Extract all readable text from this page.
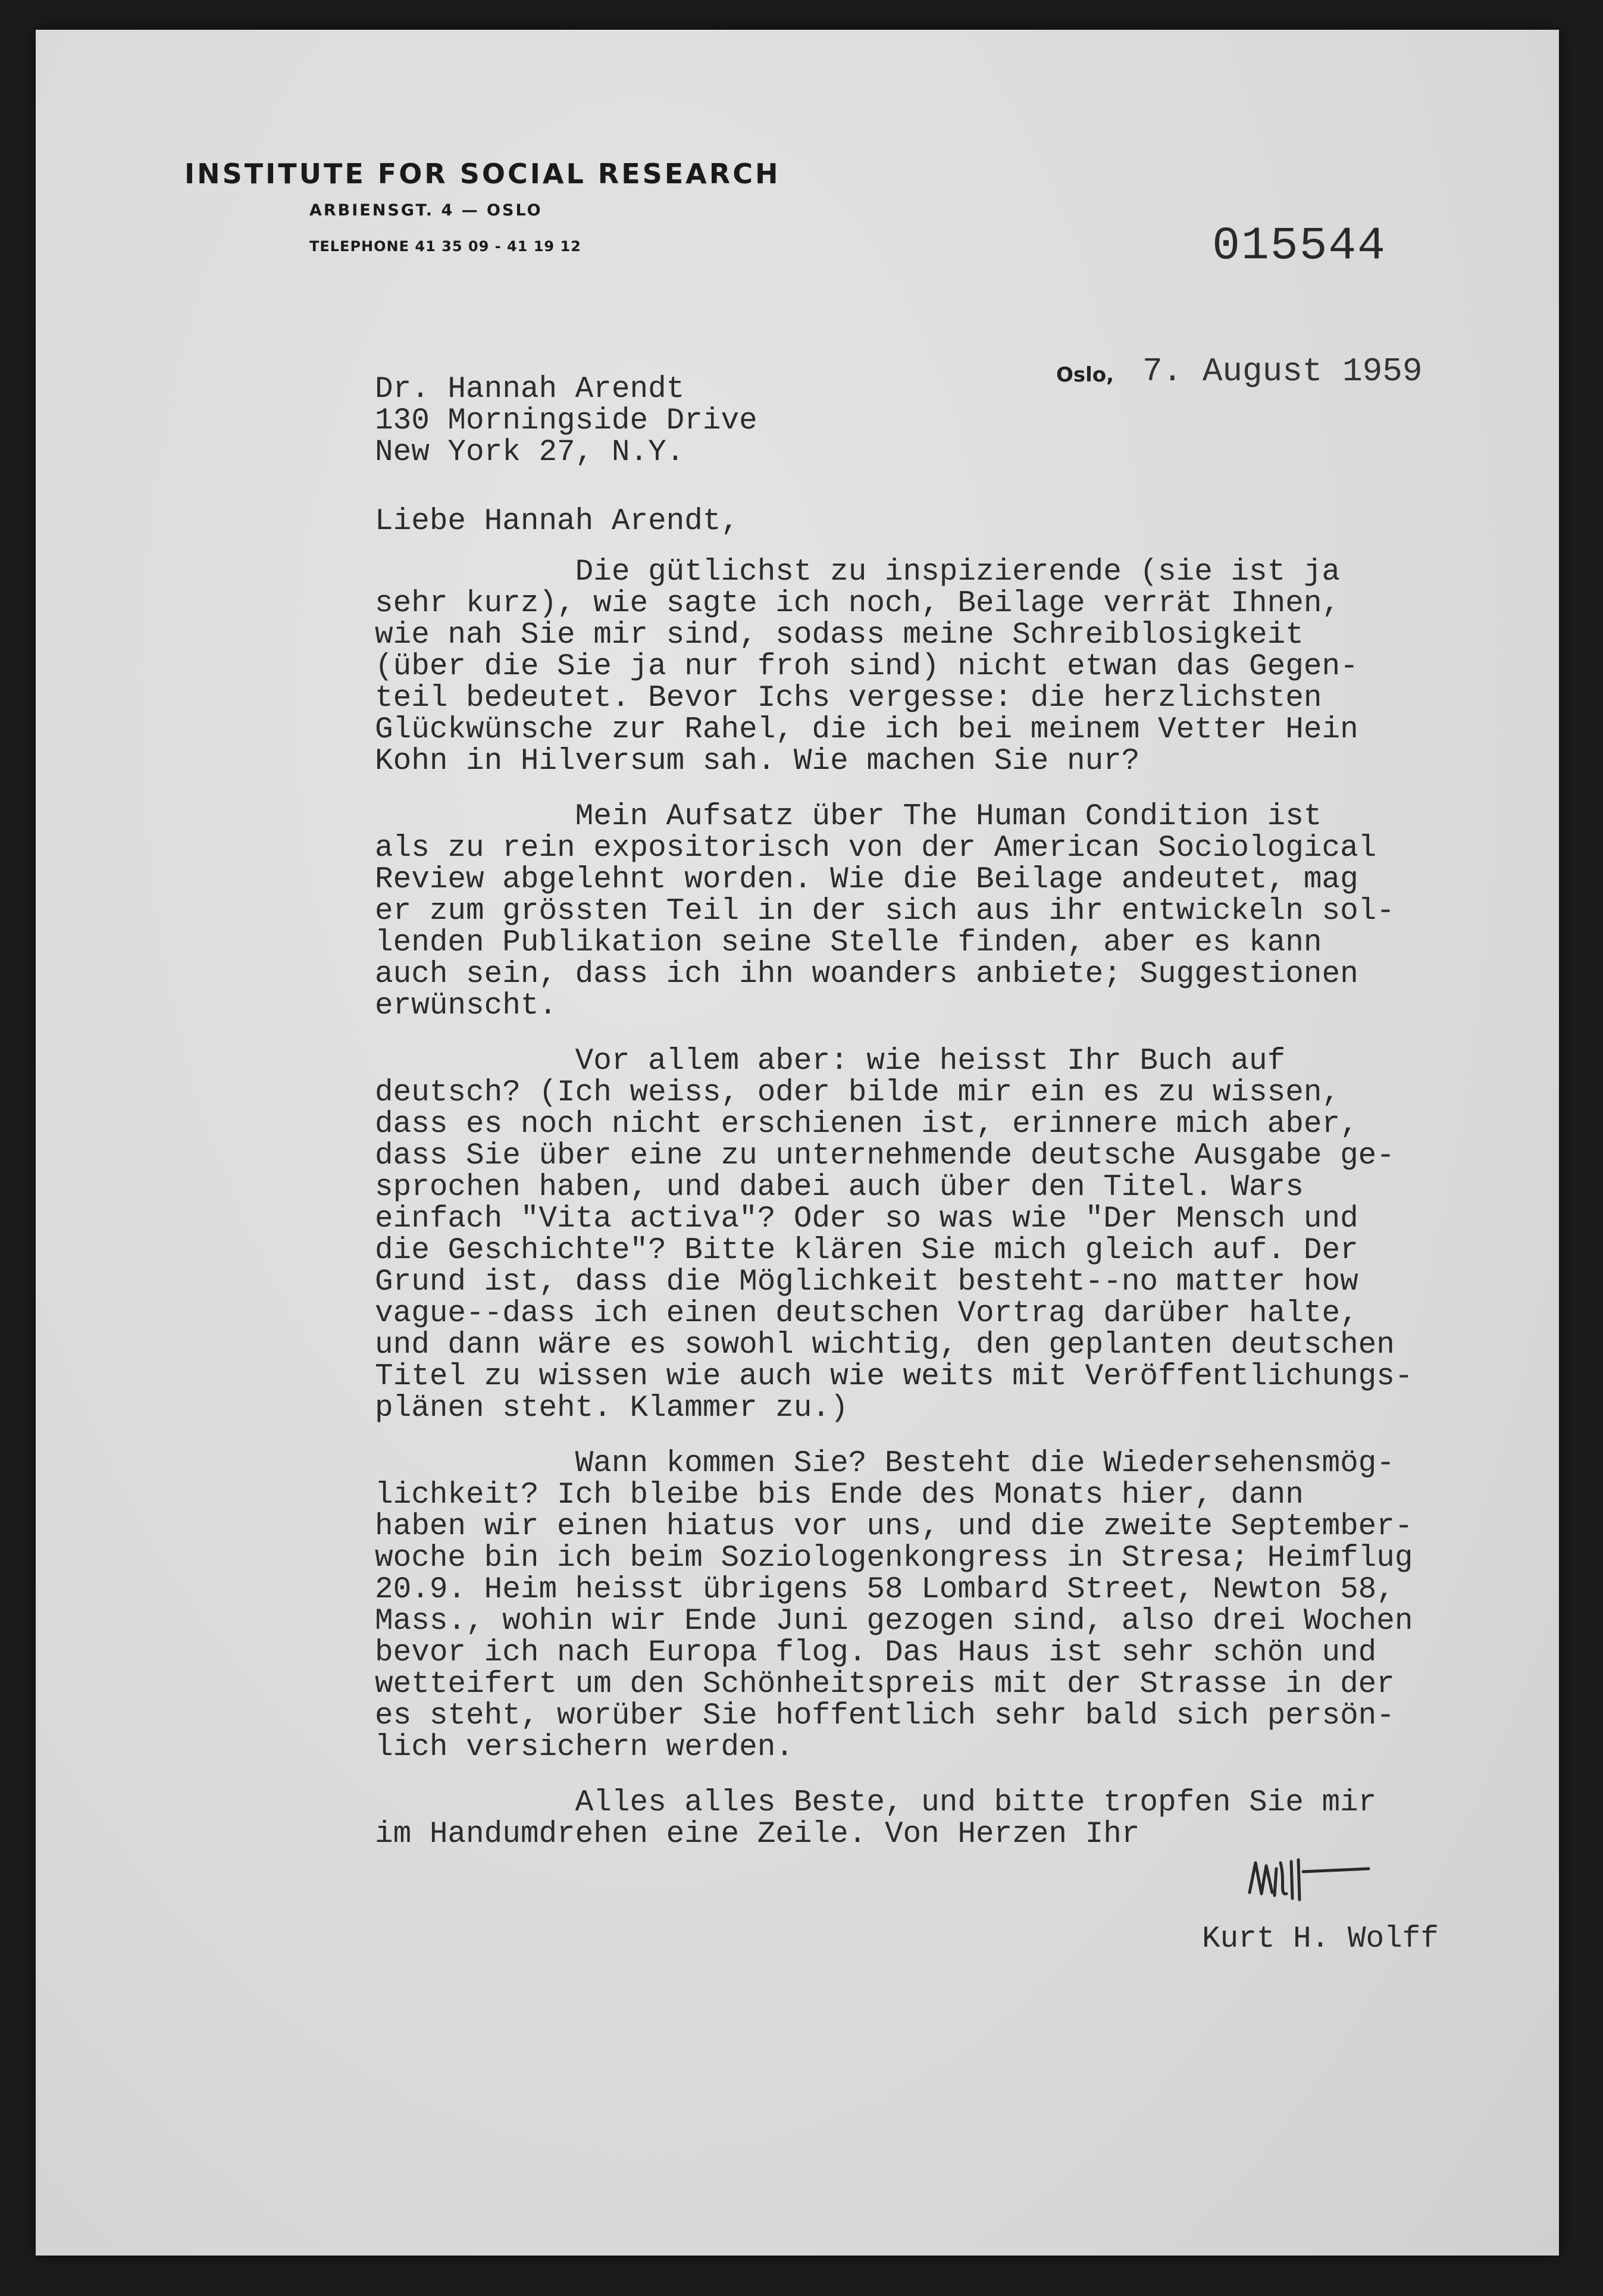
INSTITUTE FOR SOCIAL RESEARCH
ARBIENSGT. 4 — OSLO
TELEPHONE 41 35 09 - 41 19 12	015544
Oslo, 7. August 1959
Dr. Hannah Arendt
130 Morningside Drive
New York 27, N.Y.
Liebe Hannah Arendt,
Die gütlichst zu inspizierende (sie ist ja
sehr kurz), wie sagte ich noch, Beilage verrät Ihnen,
wie nah Sie mir sind, sodass meine Schreiblosigkeit
(über die Sie ja nur froh sind) nicht etwan das Gegen-
teil bedeutet. Bevor Ichs vergesse: die herzlichsten
Glückwünsche zur Rahel, die ich bei meinem Vetter Hein
Kohn in Hilversum sah. Wie machen Sie nur?
Mein Aufsatz über The Human Condition ist
als zu rein expositorisch von der American Sociological
Review abgelehnt worden. Wie die Beilage andeutet, mag
er zum grössten Teil in der sich aus ihr entwickeln sol-
lenden Publikation seine Stelle finden, aber es kann
auch sein, dass ich ihn woanders anbiete; Suggestionen
erwünscht.
Vor allem aber: wie heisst Ihr Buch auf
deutsch? (Ich weiss, oder bilde mir ein es zu wissen,
dass es noch nicht erschienen ist, erinnere mich aber,
dass Sie über eine zu unternehmende deutsche Ausgabe ge-
sprochen haben, und dabei auch über den Titel. Wars
einfach "Vita activa"? Oder so was wie "Der Mensch und
die Geschichte"? Bitte klären Sie mich gleich auf. Der
Grund ist, dass die Möglichkeit besteht--no matter how
vague--dass ich einen deutschen Vortrag darüber halte,
und dann wäre es sowohl wichtig, den geplanten deutschen
Titel zu wissen wie auch wie weits mit Veröffentlichungs-
plänen steht. Klammer zu.)
Wann kommen Sie? Besteht die Wiedersehensmög-
lichkeit? Ich bleibe bis Ende des Monats hier, dann
haben wir einen hiatus vor uns, und die zweite September-
woche bin ich beim Soziologenkongress in Stresa; Heimflug
20.9. Heim heisst übrigens 58 Lombard Street, Newton 58,
Mass., wohin wir Ende Juni gezogen sind, also drei Wochen
bevor ich nach Europa flog. Das Haus ist sehr schön und
wetteifert um den Schönheitspreis mit der Strasse in der
es steht, worüber Sie hoffentlich sehr bald sich persön-
lich versichern werden.
Alles alles Beste, und bitte tropfen Sie mir
im Handumdrehen eine Zeile. Von Herzen Ihr
Kurt H. Wolff
